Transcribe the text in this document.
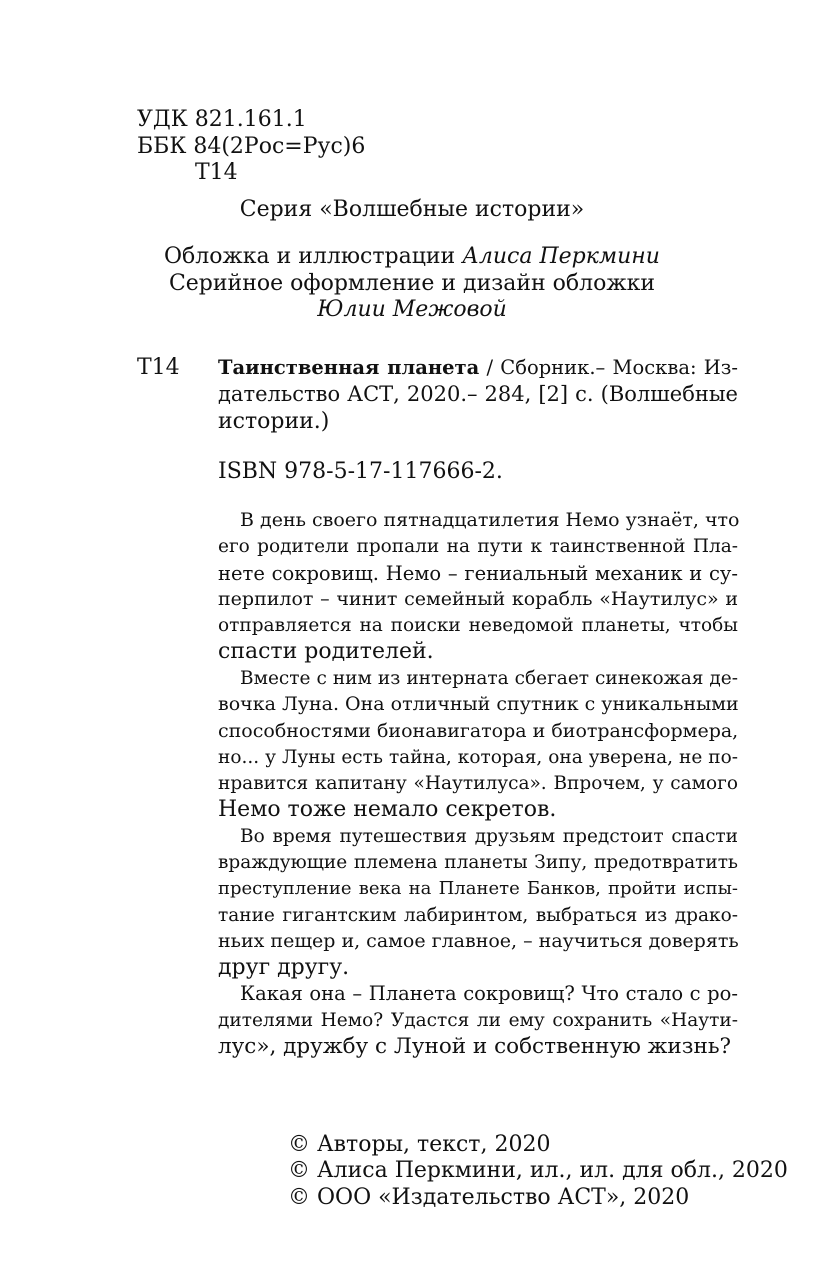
УДК 821.161.1
ББК 84(2Рос=Рус)6
Т14
Серия «Волшебные истории»
Обложка и иллюстрации Алиса Перкмини
Серийное оформление и дизайн обложки
Юлии Межовой
Т14 Таинственная планета / Сборник.– Москва: Из-
дательство АСТ, 2020.– 284, [2] с. (Волшебные
истории.)
ISBN 978-5-17-117666-2.
В день своего пятнадцатилетия Немо узнаёт, что
его родители пропали на пути к таинственной Пла-
нете сокровищ. Немо – гениальный механик и су-
перпилот – чинит семейный корабль «Наутилус» и
отправляется на поиски неведомой планеты, чтобы
спасти родителей.
Вместе с ним из интерната сбегает синекожая де-
вочка Луна. Она отличный спутник с уникальными
способностями бионавигатора и биотрансформера,
но... у Луны есть тайна, которая, она уверена, не по-
нравится капитану «Наутилуса». Впрочем, у самого
Немо тоже немало секретов.
Во время путешествия друзьям предстоит спасти
враждующие племена планеты Зипу, предотвратить
преступление века на Планете Банков, пройти испы-
тание гигантским лабиринтом, выбраться из драко-
ньих пещер и, самое главное, – научиться доверять
друг другу.
Какая она – Планета сокровищ? Что стало с ро-
дителями Немо? Удастся ли ему сохранить «Наути-
лус», дружбу с Луной и собственную жизнь?
© Авторы, текст, 2020
© Алиса Перкмини, ил., ил. для обл., 2020
© ООО «Издательство АСТ», 2020
